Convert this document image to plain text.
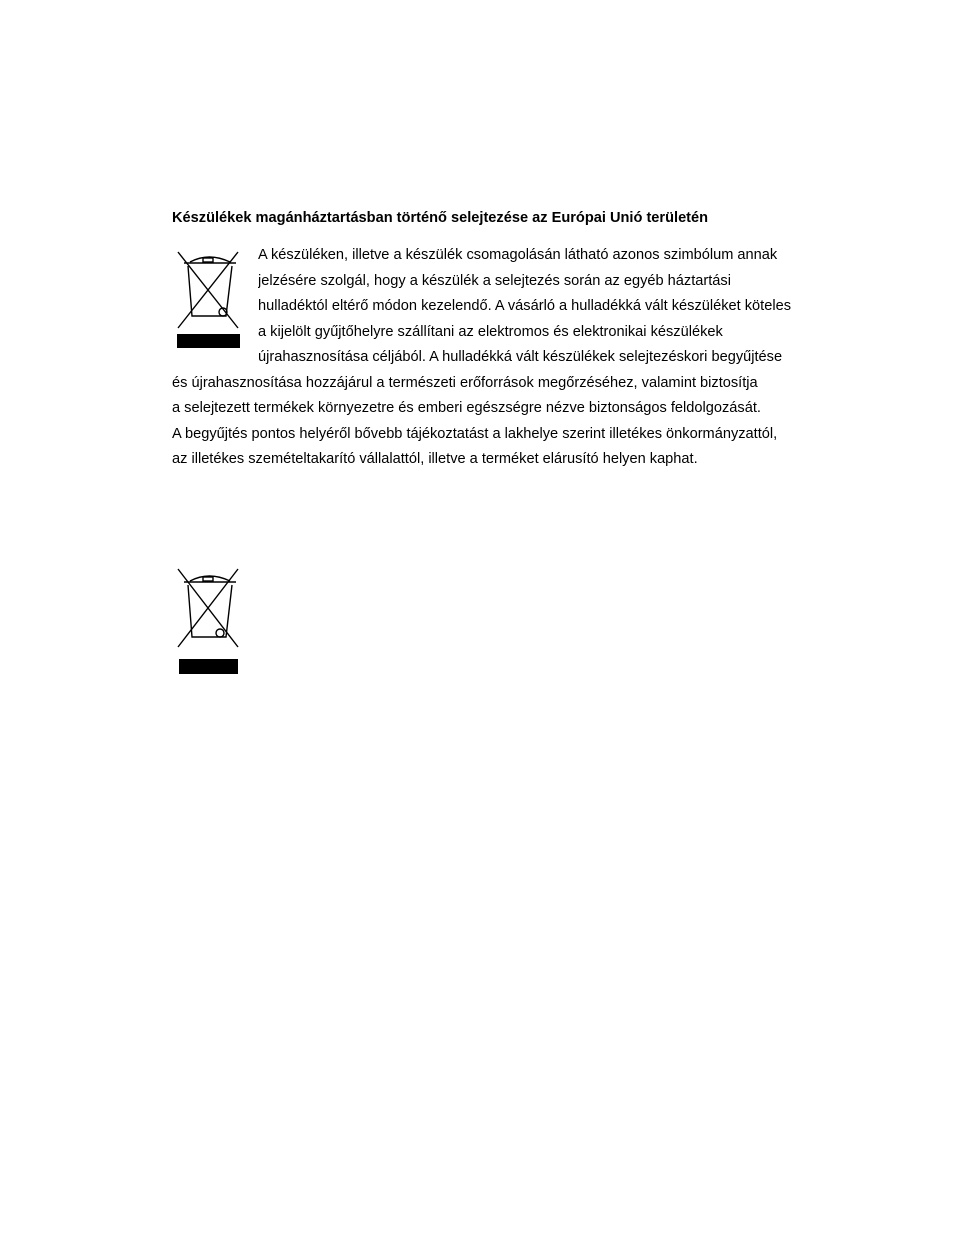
Készülékek magánháztartásban történő selejtezése az Európai Unió területén
A készüléken, illetve a készülék csomagolásán látható azonos szimbólum annak
jelzésére szolgál, hogy a készülék a selejtezés során az egyéb háztartási
hulladéktól eltérő módon kezelendő. A vásárló a hulladékká vált készüléket köteles
a kijelölt gyűjtőhelyre szállítani az elektromos és elektronikai készülékek
újrahasznosítása céljából. A hulladékká vált készülékek selejtezéskori begyűjtése
és újrahasznosítása hozzájárul a természeti erőforrások megőrzéséhez, valamint biztosítja
a selejtezett termékek környezetre és emberi egészségre nézve biztonságos feldolgozását.
A begyűjtés pontos helyéről bővebb tájékoztatást a lakhelye szerint illetékes önkormányzattól,
az illetékes szemételtakarító vállalattól, illetve a terméket elárusító helyen kaphat.
